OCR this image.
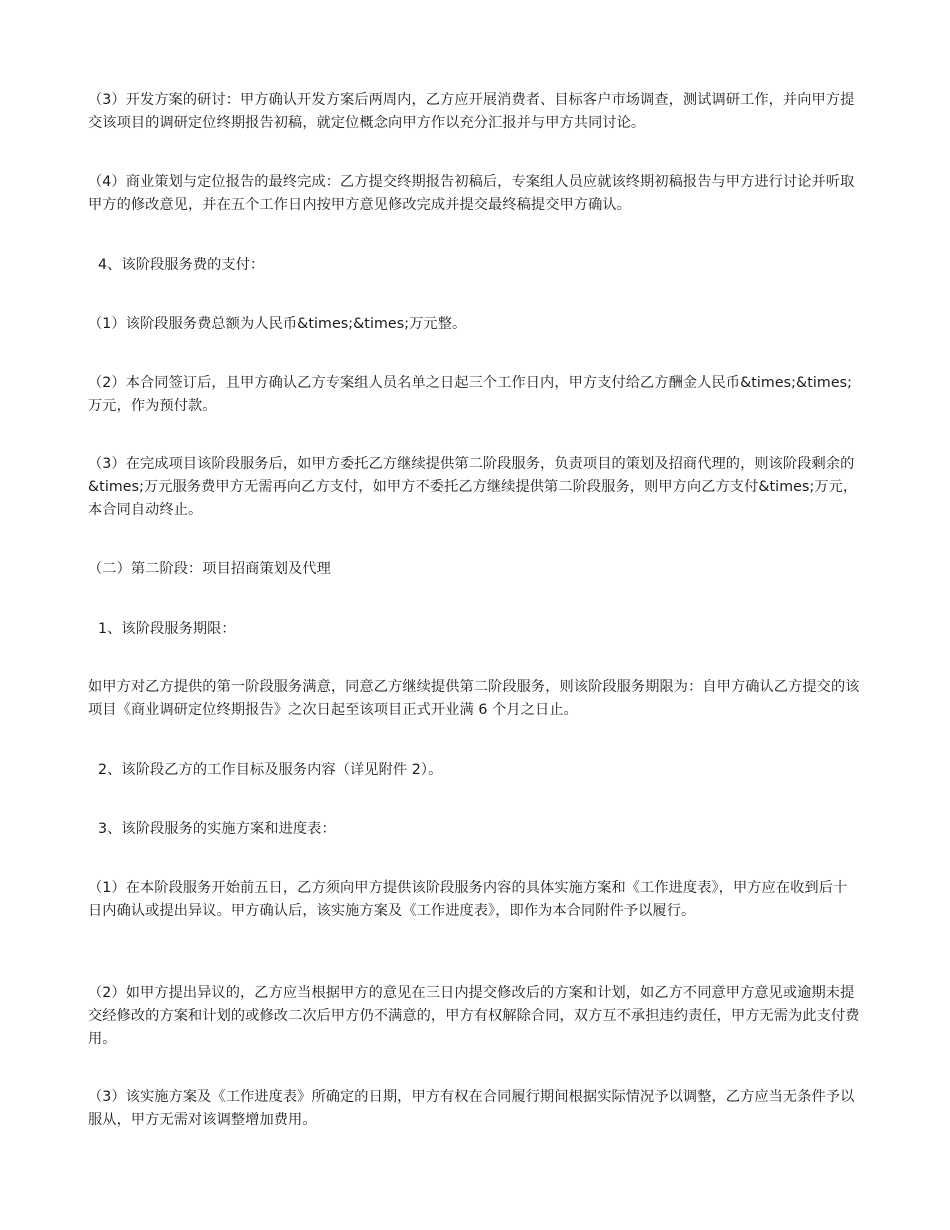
（3）开发方案的研讨：甲方确认开发方案后两周内，乙方应开展消费者、目标客户市场调查，测试调研工作，并向甲方提交该项目的调研定位终期报告初稿，就定位概念向甲方作以充分汇报并与甲方共同讨论。

（4）商业策划与定位报告的最终完成：乙方提交终期报告初稿后，专案组人员应就该终期初稿报告与甲方进行讨论并听取甲方的修改意见，并在五个工作日内按甲方意见修改完成并提交最终稿提交甲方确认。

4、该阶段服务费的支付：

（1）该阶段服务费总额为人民币&times;&times;万元整。

（2）本合同签订后，且甲方确认乙方专案组人员名单之日起三个工作日内，甲方支付给乙方酬金人民币&times;&times;万元，作为预付款。

（3）在完成项目该阶段服务后，如甲方委托乙方继续提供第二阶段服务，负责项目的策划及招商代理的，则该阶段剩余的&times;万元服务费甲方无需再向乙方支付，如甲方不委托乙方继续提供第二阶段服务，则甲方向乙方支付&times;万元，本合同自动终止。

（二）第二阶段：项目招商策划及代理

1、该阶段服务期限：

如甲方对乙方提供的第一阶段服务满意，同意乙方继续提供第二阶段服务，则该阶段服务期限为：自甲方确认乙方提交的该项目《商业调研定位终期报告》之次日起至该项目正式开业满 6 个月之日止。

2、该阶段乙方的工作目标及服务内容（详见附件 2）。

3、该阶段服务的实施方案和进度表：

（1）在本阶段服务开始前五日，乙方须向甲方提供该阶段服务内容的具体实施方案和《工作进度表》，甲方应在收到后十日内确认或提出异议。甲方确认后，该实施方案及《工作进度表》，即作为本合同附件予以履行。

（2）如甲方提出异议的，乙方应当根据甲方的意见在三日内提交修改后的方案和计划，如乙方不同意甲方意见或逾期未提交经修改的方案和计划的或修改二次后甲方仍不满意的，甲方有权解除合同，双方互不承担违约责任，甲方无需为此支付费用。

（3）该实施方案及《工作进度表》所确定的日期，甲方有权在合同履行期间根据实际情况予以调整，乙方应当无条件予以服从，甲方无需对该调整增加费用。
